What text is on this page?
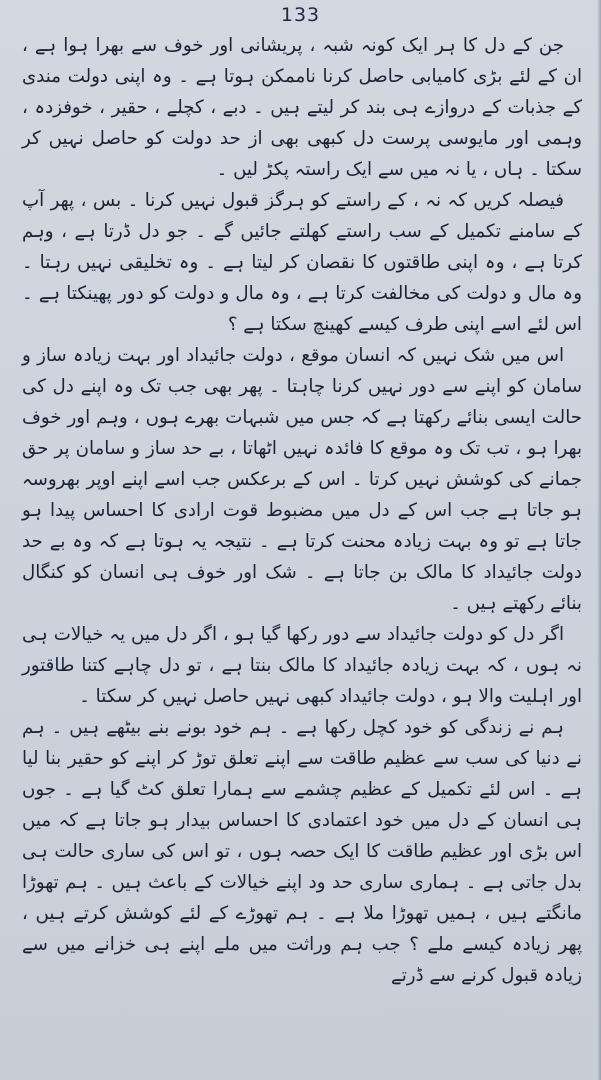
133

جن کے دل کا ہر ایک کونہ شبہ ، پریشانی اور خوف سے بھرا ہوا ہے ، ان کے لئے بڑی کامیابی حاصل کرنا ناممکن ہوتا ہے ۔ وہ اپنی دولت مندی کے جذبات کے دروازے ہی بند کر لیتے ہیں ۔ دبے ، کچلے ، حقیر ، خوفزدہ ، وہمی اور مایوسی پرست دل کبھی بھی از حد دولت کو حاصل نہیں کر سکتا ۔ ہاں ، یا نہ میں سے ایک راستہ پکڑ لیں ۔

فیصلہ کریں کہ نہ ، کے راستے کو ہرگز قبول نہیں کرنا ۔ بس ، پھر آپ کے سامنے تکمیل کے سب راستے کھلتے جائیں گے ۔ جو دل ڈرتا ہے ، وہم کرتا ہے ، وہ اپنی طاقتوں کا نقصان کر لیتا ہے ۔ وہ تخلیقی نہیں رہتا ۔ وہ مال و دولت کی مخالفت کرتا ہے ، وہ مال و دولت کو دور پھینکتا ہے ۔ اس لئے اسے اپنی طرف کیسے کھینچ سکتا ہے ؟

اس میں شک نہیں کہ انسان موقع ، دولت جائیداد اور بہت زیادہ ساز و سامان کو اپنے سے دور نہیں کرنا چاہتا ۔ پھر بھی جب تک وہ اپنے دل کی حالت ایسی بنائے رکھتا ہے کہ جس میں شبہات بھرے ہوں ، وہم اور خوف بھرا ہو ، تب تک وہ موقع کا فائدہ نہیں اٹھاتا ، بے حد ساز و سامان پر حق جمانے کی کوشش نہیں کرتا ۔ اس کے برعکس جب اسے اپنے اوپر بھروسہ ہو جاتا ہے جب اس کے دل میں مضبوط قوت ارادی کا احساس پیدا ہو جاتا ہے تو وہ بہت زیادہ محنت کرتا ہے ۔ نتیجہ یہ ہوتا ہے کہ وہ بے حد دولت جائیداد کا مالک بن جاتا ہے ۔ شک اور خوف ہی انسان کو کنگال بنائے رکھتے ہیں ۔

اگر دل کو دولت جائیداد سے دور رکھا گیا ہو ، اگر دل میں یہ خیالات ہی نہ ہوں ، کہ بہت زیادہ جائیداد کا مالک بنتا ہے ، تو دل چاہے کتنا طاقتور اور اہلیت والا ہو ، دولت جائیداد کبھی نہیں حاصل نہیں کر سکتا ۔

ہم نے زندگی کو خود کچل رکھا ہے ۔ ہم خود بونے بنے بیٹھے ہیں ۔ ہم نے دنیا کی سب سے عظیم طاقت سے اپنے تعلق توڑ کر اپنے کو حقیر بنا لیا ہے ۔ اس لئے تکمیل کے عظیم چشمے سے ہمارا تعلق کٹ گیا ہے ۔ جوں ہی انسان کے دل میں خود اعتمادی کا احساس بیدار ہو جاتا ہے کہ میں اس بڑی اور عظیم طاقت کا ایک حصہ ہوں ، تو اس کی ساری حالت ہی بدل جاتی ہے ۔ ہماری ساری حد ود اپنے خیالات کے باعث ہیں ۔ ہم تھوڑا مانگتے ہیں ، ہمیں تھوڑا ملا ہے ۔ ہم تھوڑے کے لئے کوشش کرتے ہیں ، پھر زیادہ کیسے ملے ؟ جب ہم وراثت میں ملے اپنے ہی خزانے میں سے زیادہ قبول کرنے سے ڈرتے
